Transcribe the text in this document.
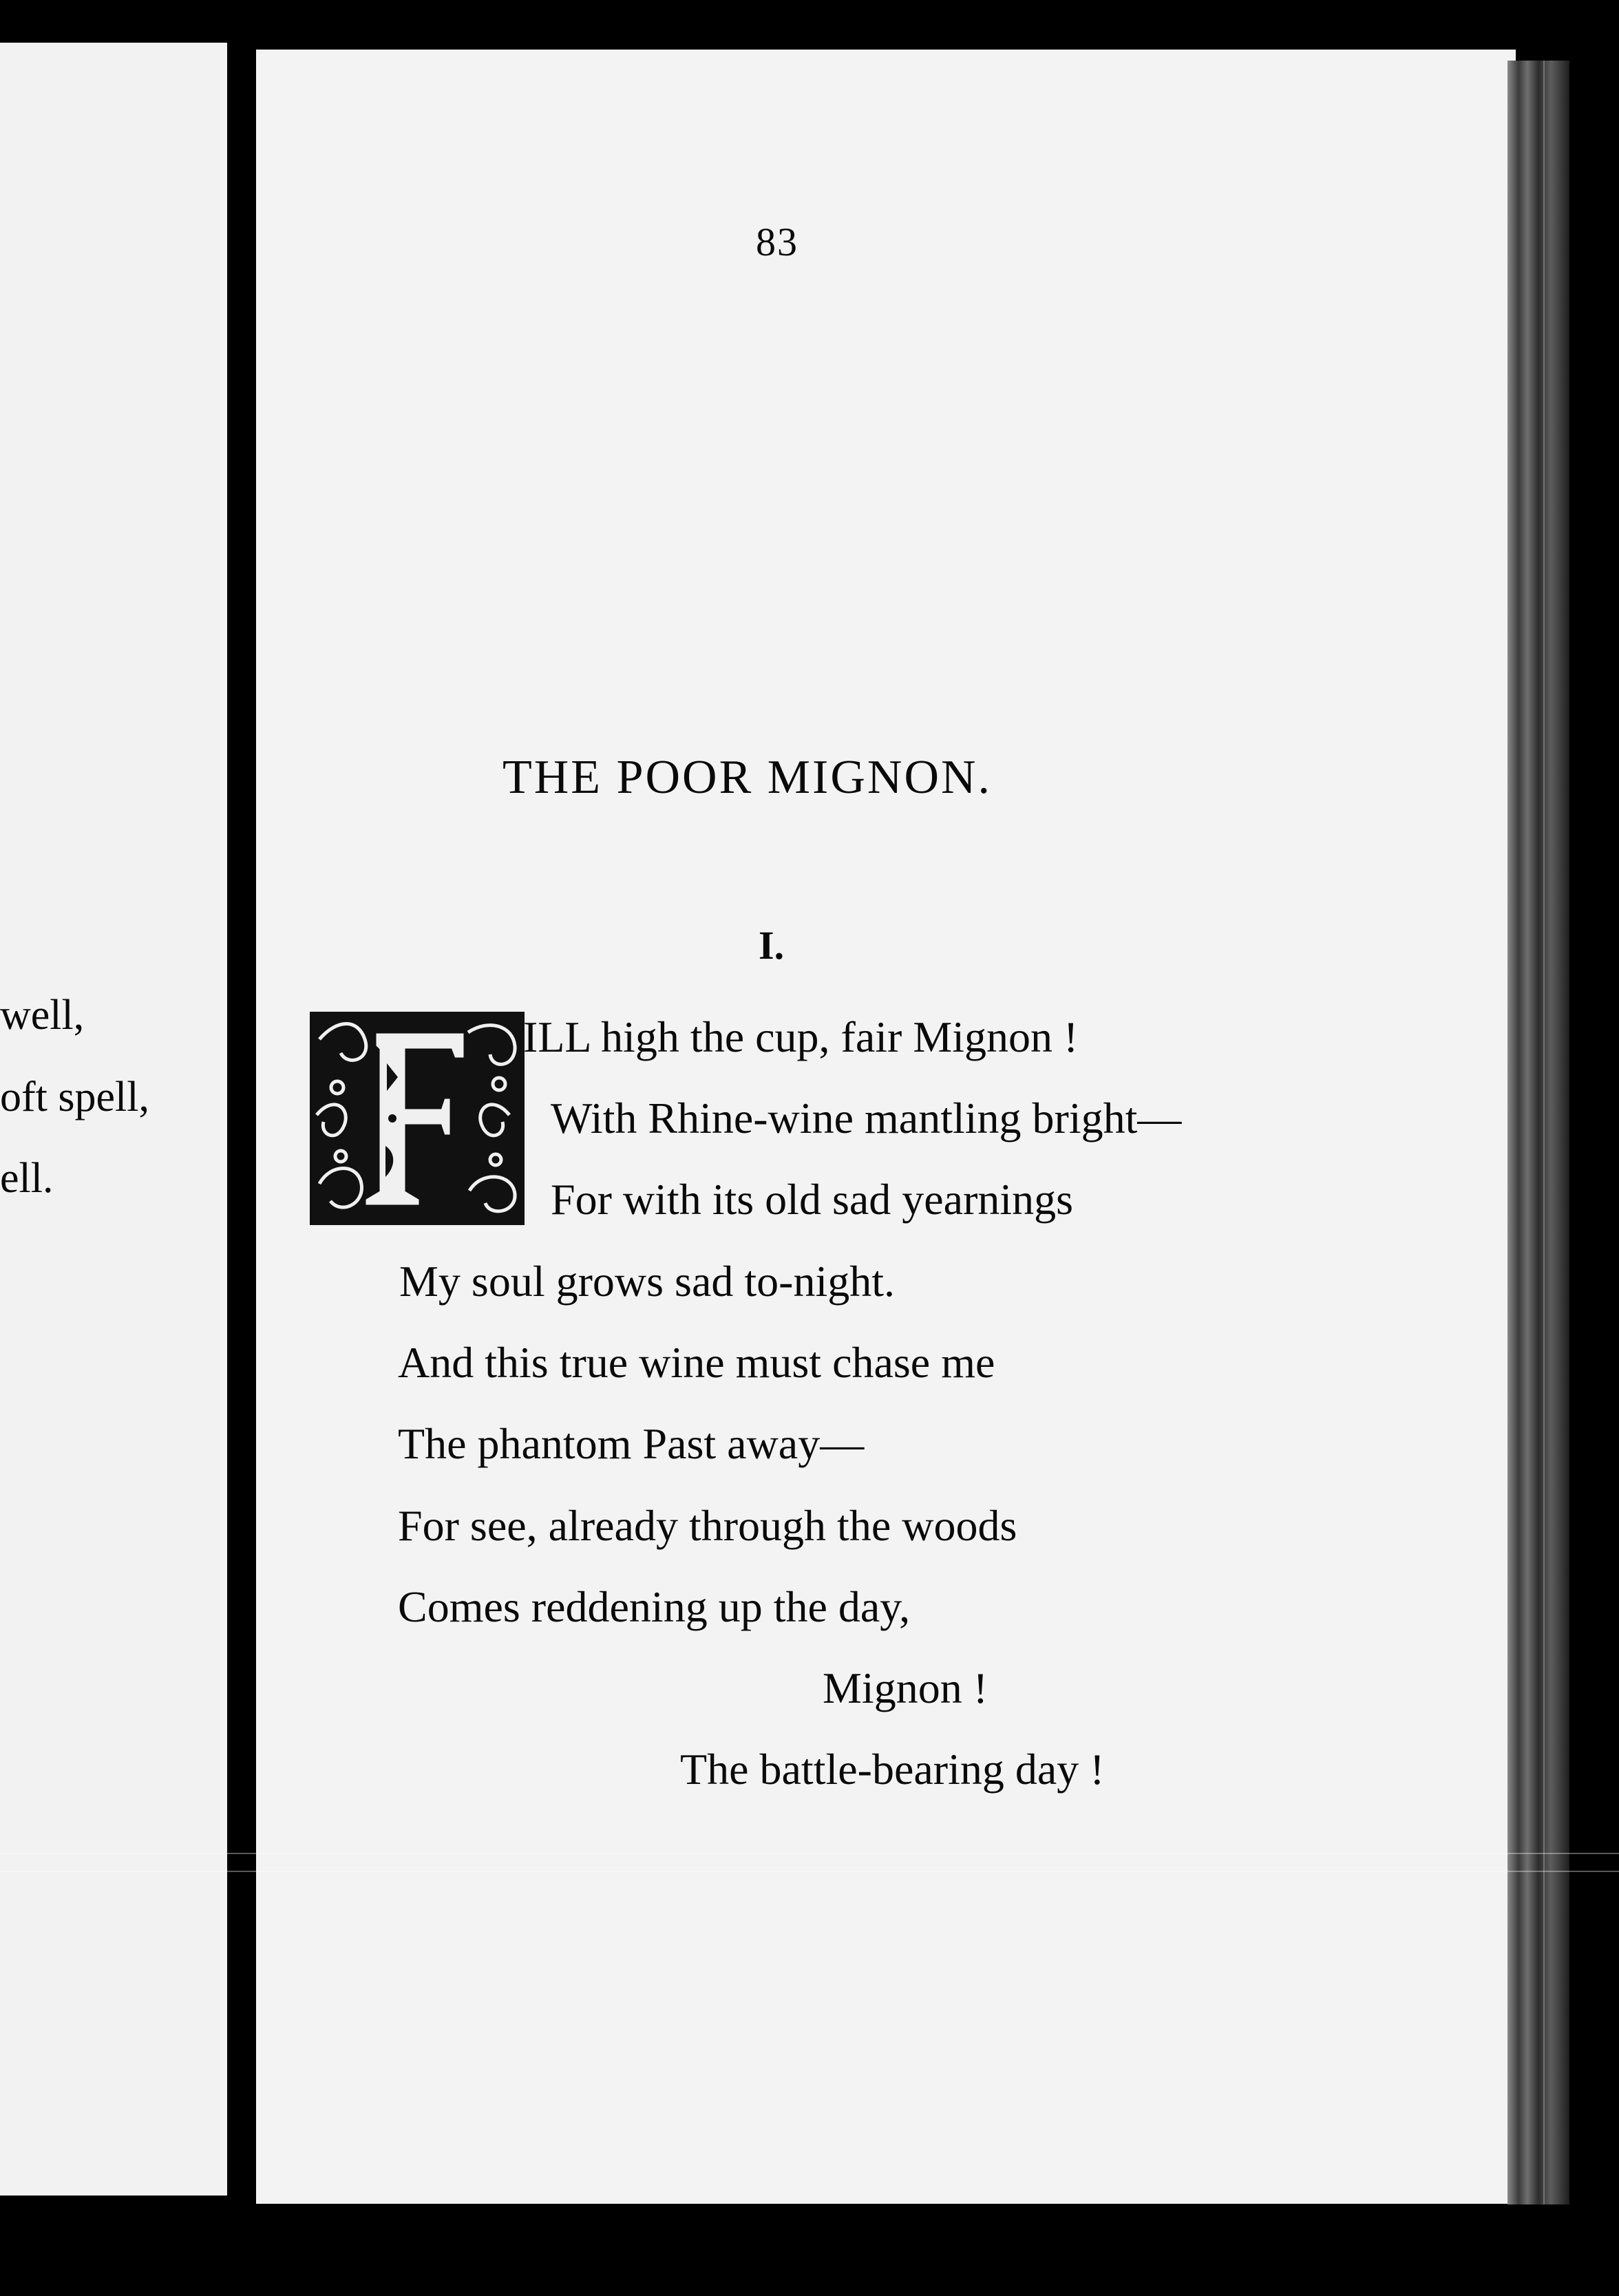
well,
oft spell,
ell.
83
THE POOR MIGNON.
I.
ILL high the cup, fair Mignon !
With Rhine-wine mantling bright—
For with its old sad yearnings
My soul grows sad to-night.
And this true wine must chase me
The phantom Past away—
For see, already through the woods
Comes reddening up the day,
Mignon !
The battle-bearing day !
